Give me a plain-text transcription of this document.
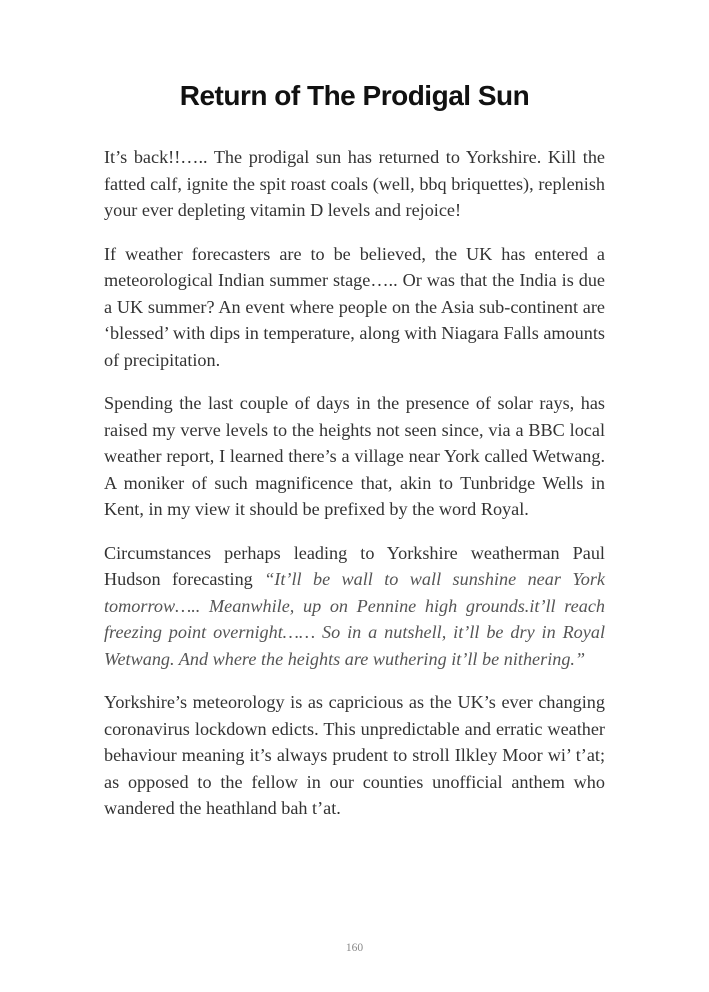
Return of The Prodigal Sun

It’s back!!….. The prodigal sun has returned to Yorkshire. Kill the fatted calf, ignite the spit roast coals (well, bbq briquettes), replenish your ever depleting vitamin D levels and rejoice!

If weather forecasters are to be believed, the UK has entered a meteorological Indian summer stage….. Or was that the India is due a UK summer? An event where people on the Asia sub-continent are ‘blessed’ with dips in temperature, along with Niagara Falls amounts of precipitation.

Spending the last couple of days in the presence of solar rays, has raised my verve levels to the heights not seen since, via a BBC local weather report, I learned there’s a village near York called Wetwang. A moniker of such magnificence that, akin to Tunbridge Wells in Kent, in my view it should be prefixed by the word Royal.

Circumstances perhaps leading to Yorkshire weatherman Paul Hudson forecasting “It’ll be wall to wall sunshine near York tomorrow….. Meanwhile, up on Pennine high grounds.it’ll reach freezing point overnight…… So in a nutshell, it’ll be dry in Royal Wetwang. And where the heights are wuthering it’ll be nithering.”

Yorkshire’s meteorology is as capricious as the UK’s ever changing coronavirus lockdown edicts. This unpredictable and erratic weather behaviour meaning it’s always prudent to stroll Ilkley Moor wi’ t’at; as opposed to the fellow in our counties unofficial anthem who wandered the heathland bah t’at.

160
